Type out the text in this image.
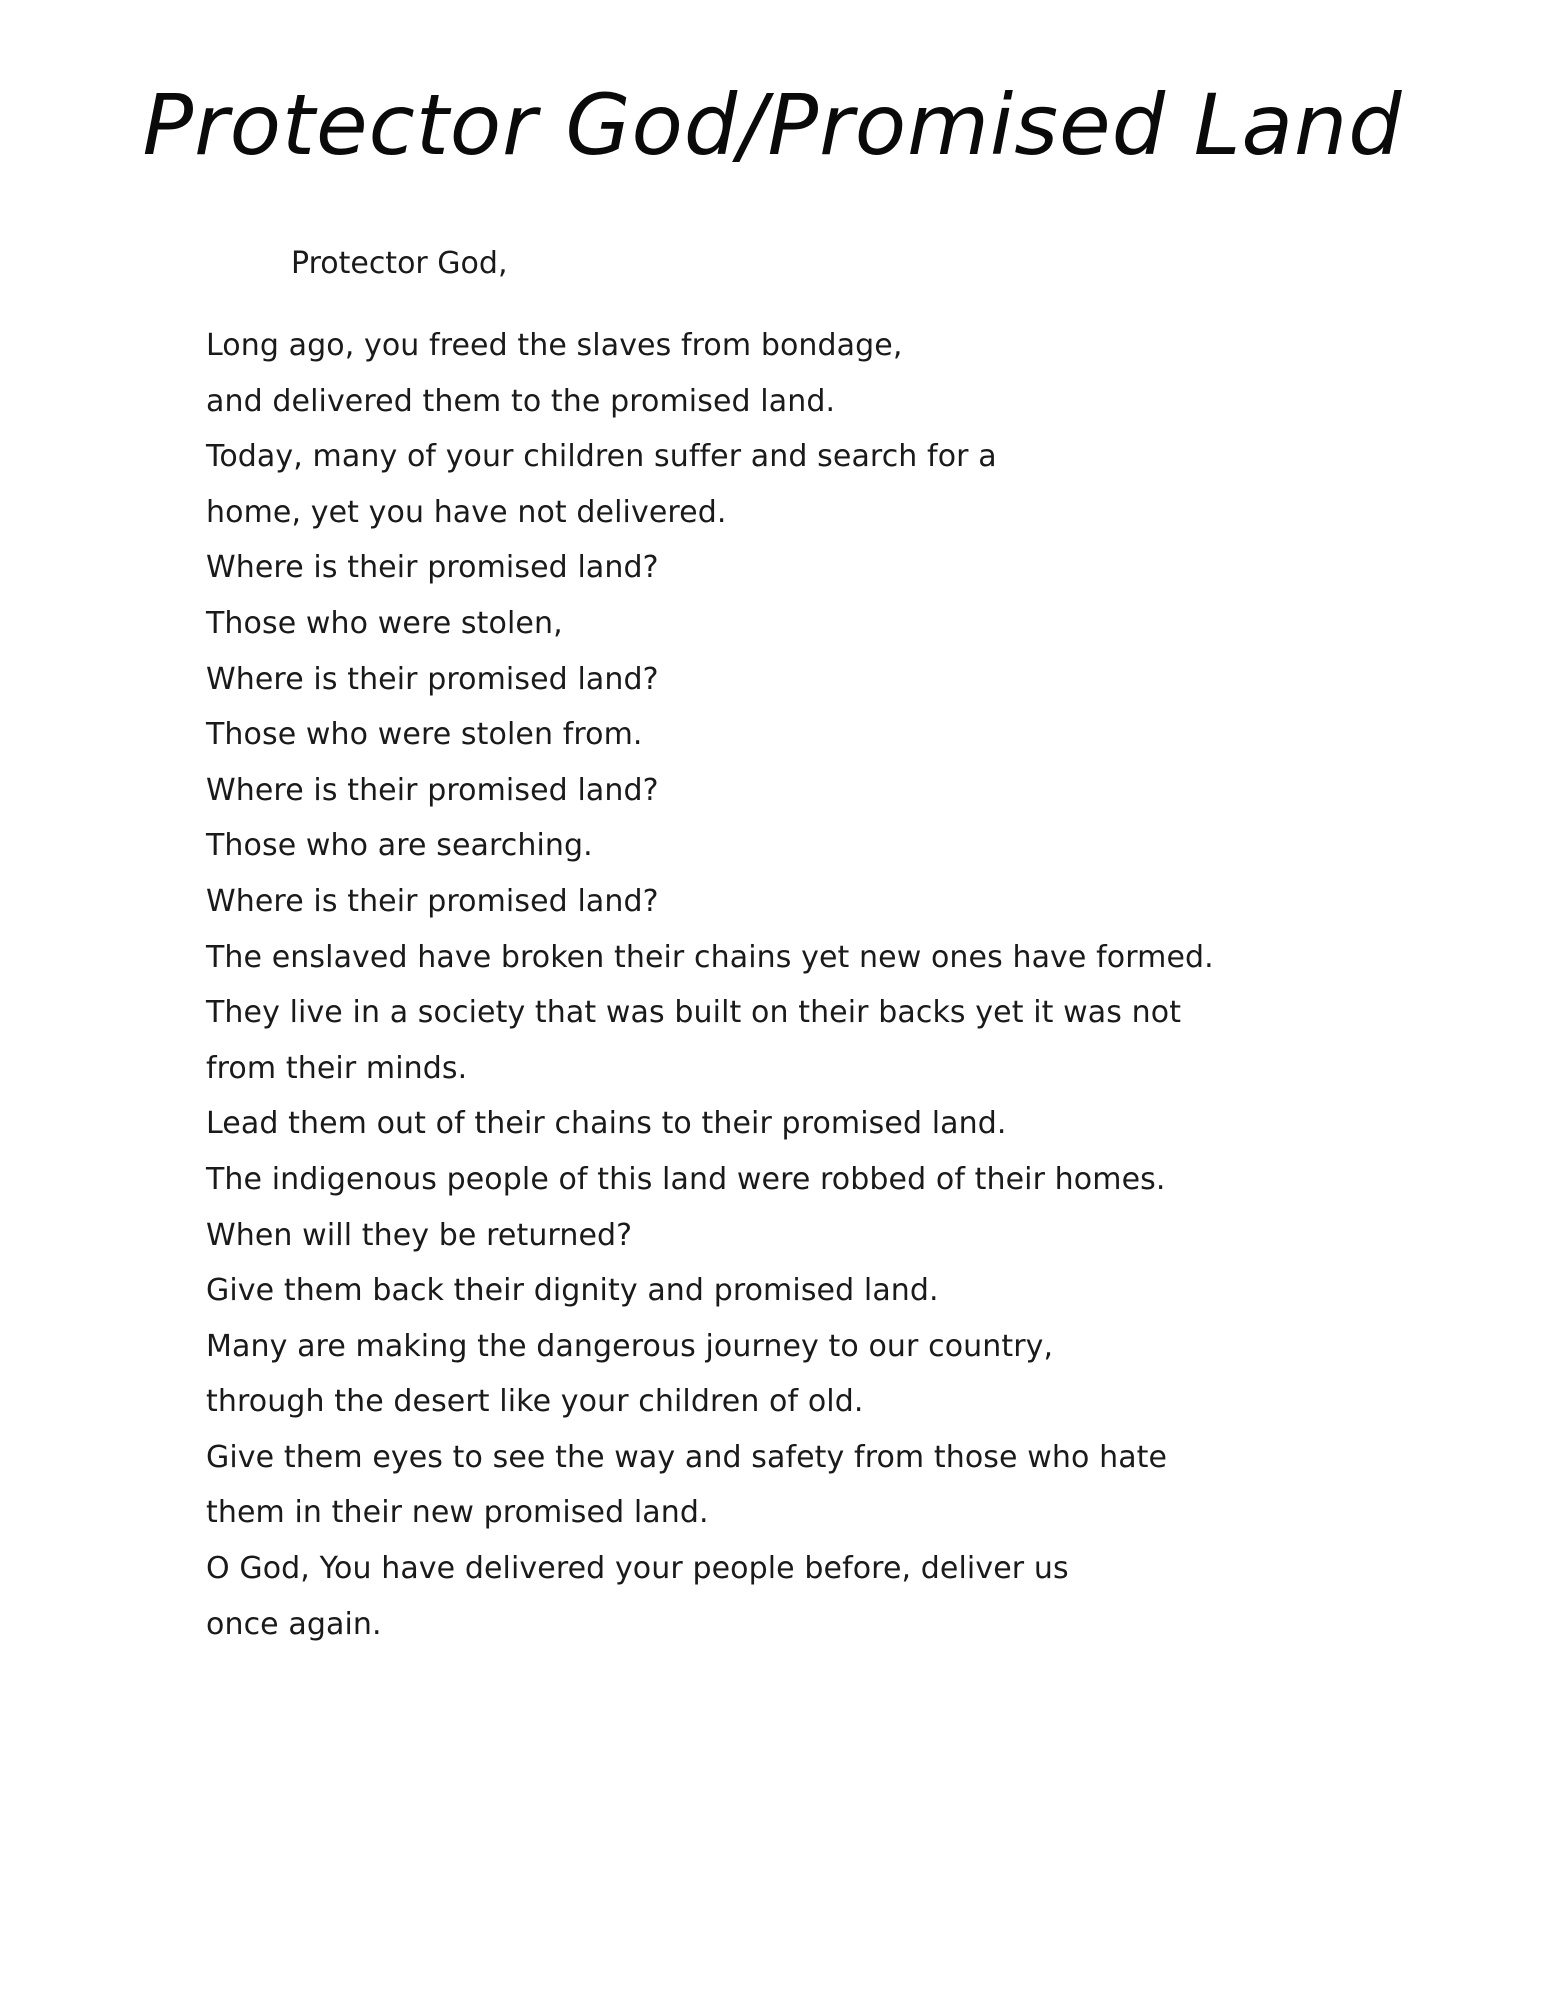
Protector God/Promised Land

Protector God,

Long ago, you freed the slaves from bondage,
and delivered them to the promised land.
Today, many of your children suffer and search for a
home, yet you have not delivered.
Where is their promised land?
Those who were stolen,
Where is their promised land?
Those who were stolen from.
Where is their promised land?
Those who are searching.
Where is their promised land?
The enslaved have broken their chains yet new ones have formed.
They live in a society that was built on their backs yet it was not
from their minds.
Lead them out of their chains to their promised land.
The indigenous people of this land were robbed of their homes.
When will they be returned?
Give them back their dignity and promised land.
Many are making the dangerous journey to our country,
through the desert like your children of old.
Give them eyes to see the way and safety from those who hate
them in their new promised land.
O God, You have delivered your people before, deliver us
once again.
